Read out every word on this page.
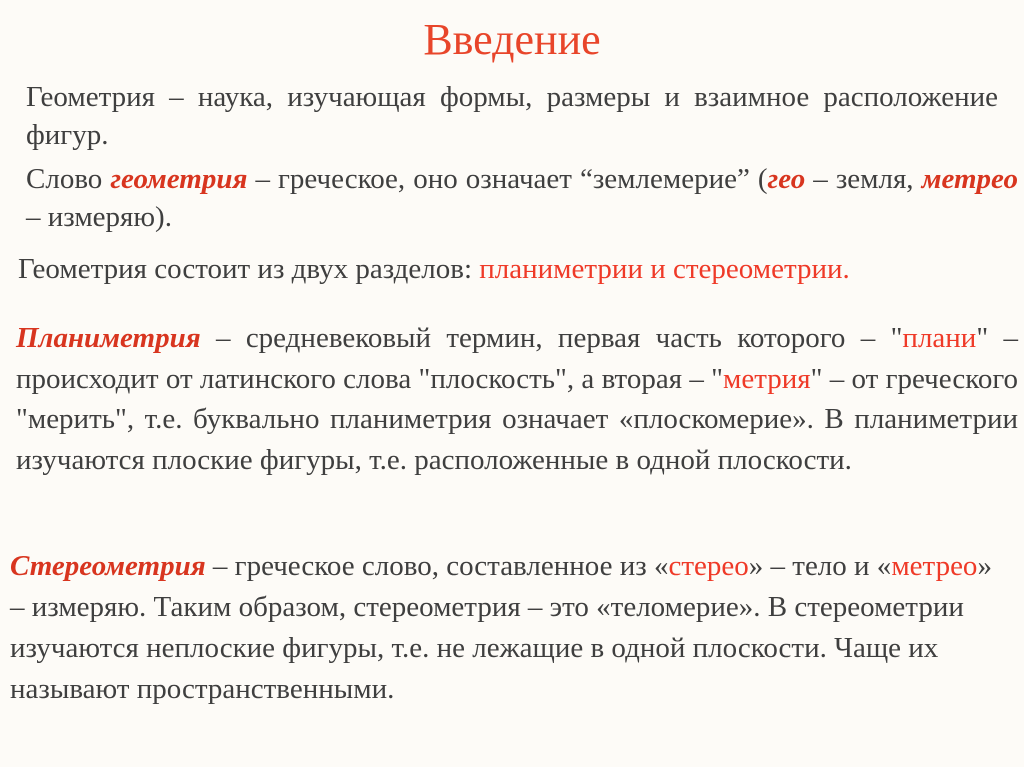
Введение
Геометрия – наука, изучающая формы, размеры и взаимное расположение фигур.
Слово геометрия – греческое, оно означает “землемерие” (гео – земля, метрео – измеряю).
Геометрия состоит из двух разделов: планиметрии и стереометрии.
Планиметрия – средневековый термин, первая часть которого – "плани" – происходит от латинского слова "плоскость", а вторая – "метрия" – от греческого "мерить", т.е. буквально планиметрия означает «плоскомерие». В планиметрии изучаются плоские фигуры, т.е. расположенные в одной плоскости.
Стереометрия – греческое слово, составленное из «стерео» – тело и «метрео» – измеряю. Таким образом, стереометрия – это «теломерие». В стереометрии изучаются неплоские фигуры, т.е. не лежащие в одной плоскости. Чаще их называют пространственными.
